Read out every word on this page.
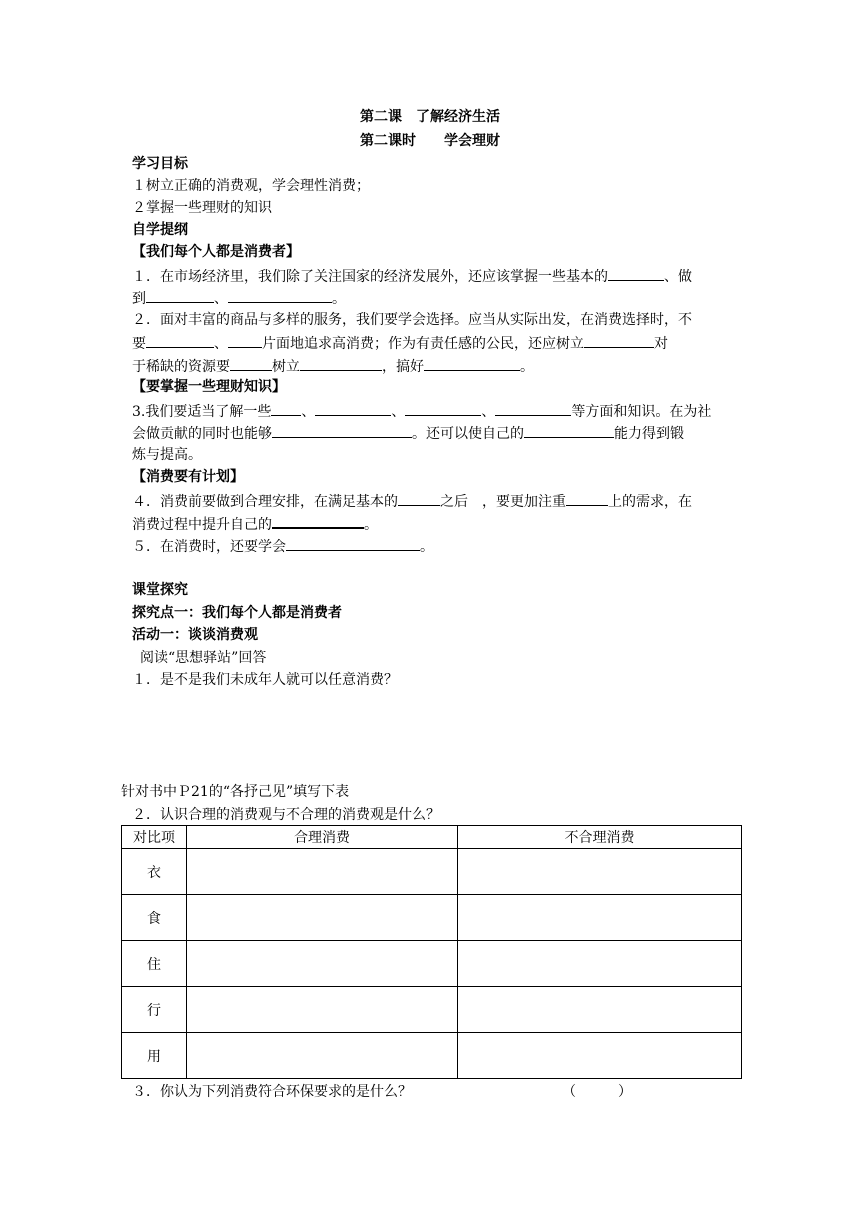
第二课　了解经济生活
第二课时　　学会理财
学习目标
１树立正确的消费观，学会理性消费；
２掌握一些理财的知识
自学提纲
【我们每个人都是消费者】
１．在市场经济里，我们除了关注国家的经济发展外，还应该掌握一些基本的	、做
到	、	。
２．面对丰富的商品与多样的服务，我们要学会选择。应当从实际出发，在消费选择时，不
要	、 片面地追求高消费；作为有责任感的公民，还应树立	对
于稀缺的资源要	树立	，搞好	。
【要掌握一些理财知识】
3.我们要适当了解一些 、	、	、	等方面和知识。在为社
会做贡献的同时也能够	。还可以使自己的	能力得到锻
炼与提高。
【消费要有计划】
４．消费前要做到合理安排，在满足基本的	之后　，要更加注重	上的需求，在
消费过程中提升自己的	。
５．在消费时，还要学会	。
课堂探究
探究点一：我们每个人都是消费者
活动一：谈谈消费观
阅读“思想驿站”回答
１．是不是我们未成年人就可以任意消费？
针对书中Ｐ21的“各抒己见”填写下表
２．认识合理的消费观与不合理的消费观是什么？
对比项	合理消费	不合理消费
衣		
食		
住		
行		
用		
３．你认为下列消费符合环保要求的是什么？	（　　　）
